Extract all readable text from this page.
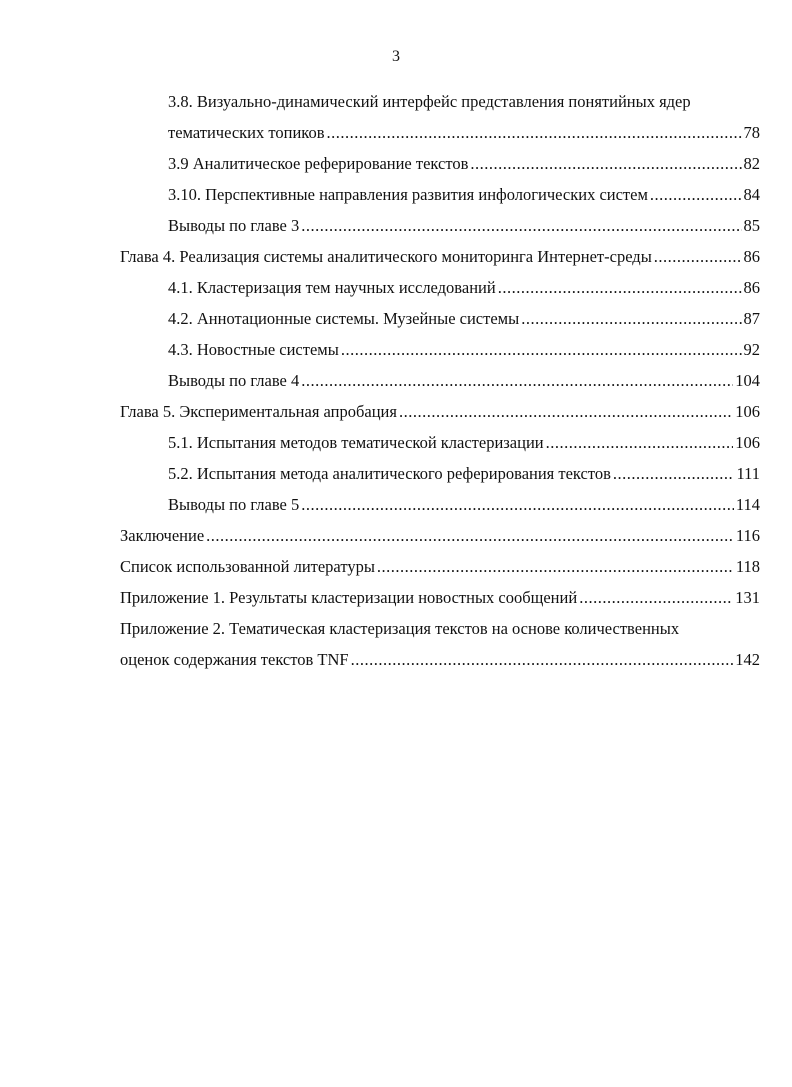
3
3.8. Визуально-динамический интерфейс представления понятийных ядер
тематических топиков .....	78
3.9 Аналитическое реферирование текстов .....	82
3.10. Перспективные направления развития инфологических систем .....	84
Выводы по главе 3 .....	85
Глава 4. Реализация системы аналитического мониторинга Интернет-среды .....	86
4.1. Кластеризация тем научных исследований .....	86
4.2. Аннотационные системы. Музейные системы .....	87
4.3. Новостные системы .....	92
Выводы по главе 4 .....	104
Глава 5. Экспериментальная апробация .....	106
5.1. Испытания методов тематической кластеризации .....	106
5.2. Испытания метода аналитического реферирования текстов .....	111
Выводы по главе 5 .....	114
Заключение .....	116
Список использованной литературы .....	118
Приложение 1. Результаты кластеризации новостных сообщений .....	131
Приложение 2. Тематическая кластеризация текстов на основе количественных
оценок содержания текстов TNF .....	142
